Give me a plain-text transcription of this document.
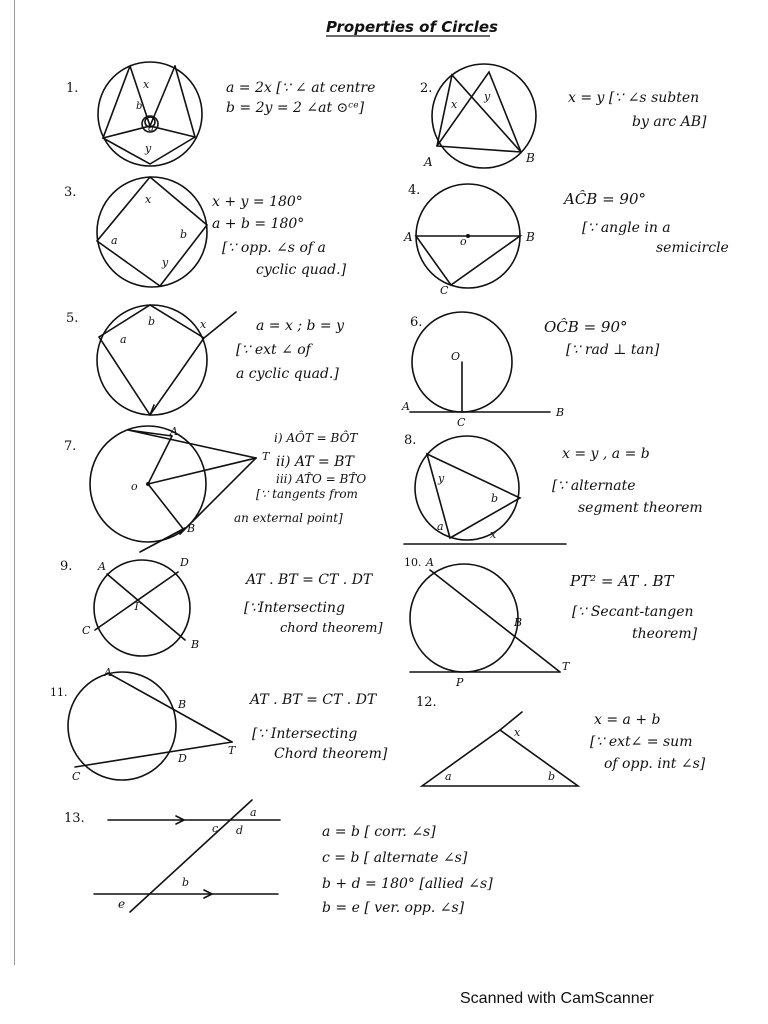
Properties of Circles
1.	x
b
a
y
a = 2x [∵ ∠ at centre
b = 2y = 2 ∠at ⊙ᶜᵉ]
2.
x
y
A	B
x = y [∵ ∠s subten
by arc AB]
3.	x
a	b
y
x + y = 180°
a + b = 180°
[∵ opp. ∠s of a
cyclic quad.]
4.
o
A	B
C
AĈB = 90°
[∵ angle in a
semicircle
5.
a
b	x	a = x ; b = y
[∵ ext ∠ of
a cyclic quad.]
6.
O
A
C
B
OĈB = 90°
[∵ rad ⊥ tan]
7.
A
o
T
B
i) AÔT = BÔT
ii) AT = BT
iii) AT̂O = BT̂O
[∵ tangents from
an external point]
8.
y
b
a
x
x = y , a = b
[∵ alternate
segment theorem
9. A	D
T
C
B
AT . BT = CT . DT
[∵Intersecting
chord theorem]
10. A
B
P
T
PT² = AT . BT
[∵ Secant-tangen
theorem]
11.
A
B
T
D
C
AT . BT = CT . DT
[∵ Intersecting
Chord theorem]
12.
x
a	b
x = a + b
[∵ ext∠ = sum
of opp. int ∠s]
13.	a
c d
b
e
a = b [ corr. ∠s]
c = b [ alternate ∠s]
b + d = 180° [allied ∠s]
b = e [ ver. opp. ∠s]
Scanned with CamScanner
